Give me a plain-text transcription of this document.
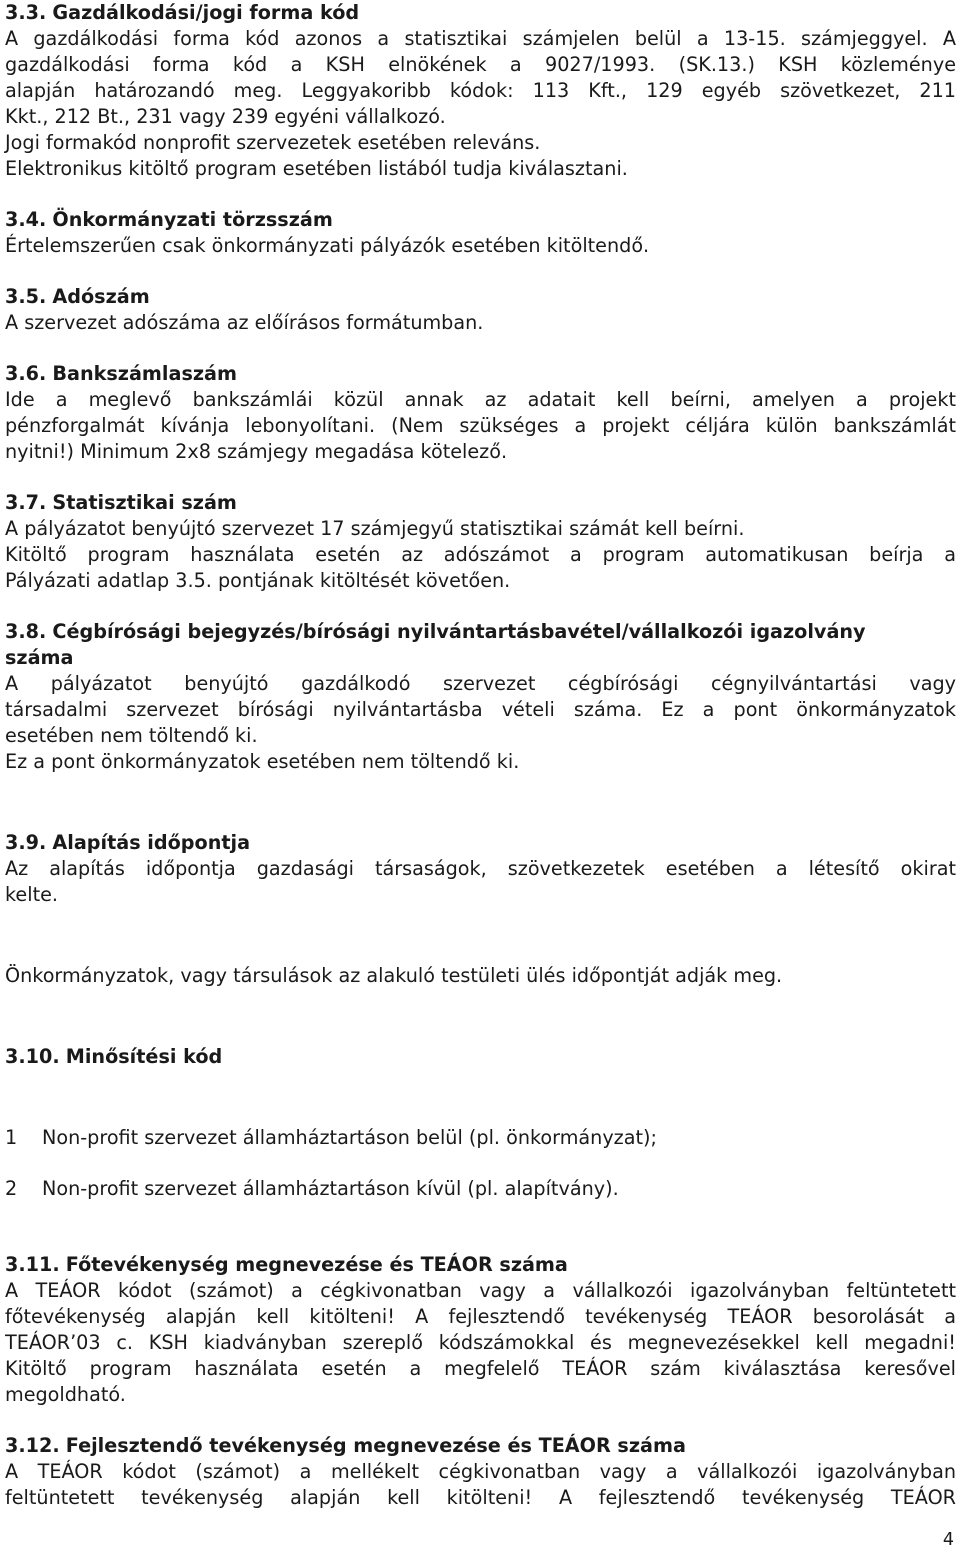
3.3. Gazdálkodási/jogi forma kód
A gazdálkodási forma kód azonos a statisztikai számjelen belül a 13-15. számjeggyel. A
gazdálkodási forma kód a KSH elnökének a 9027/1993. (SK.13.) KSH közleménye
alapján határozandó meg. Leggyakoribb kódok: 113 Kft., 129 egyéb szövetkezet, 211
Kkt., 212 Bt., 231 vagy 239 egyéni vállalkozó.
Jogi formakód nonprofit szervezetek esetében releváns.
Elektronikus kitöltő program esetében listából tudja kiválasztani.
3.4. Önkormányzati törzsszám
Értelemszerűen csak önkormányzati pályázók esetében kitöltendő.
3.5. Adószám
A szervezet adószáma az előírásos formátumban.
3.6. Bankszámlaszám
Ide a meglevő bankszámlái közül annak az adatait kell beírni, amelyen a projekt
pénzforgalmát kívánja lebonyolítani. (Nem szükséges a projekt céljára külön bankszámlát
nyitni!) Minimum 2x8 számjegy megadása kötelező.
3.7. Statisztikai szám
A pályázatot benyújtó szervezet 17 számjegyű statisztikai számát kell beírni.
Kitöltő program használata esetén az adószámot a program automatikusan beírja a
Pályázati adatlap 3.5. pontjának kitöltését követően.
3.8. Cégbírósági bejegyzés/bírósági nyilvántartásbavétel/vállalkozói igazolvány
száma
A pályázatot benyújtó gazdálkodó szervezet cégbírósági cégnyilvántartási vagy
társadalmi szervezet bírósági nyilvántartásba vételi száma. Ez a pont önkormányzatok
esetében nem töltendő ki.
Ez a pont önkormányzatok esetében nem töltendő ki.
3.9. Alapítás időpontja
Az alapítás időpontja gazdasági társaságok, szövetkezetek esetében a létesítő okirat
kelte.
Önkormányzatok, vagy társulások az alakuló testületi ülés időpontját adják meg.
3.10. Minősítési kód
1	Non-profit szervezet államháztartáson belül (pl. önkormányzat);
2	Non-profit szervezet államháztartáson kívül (pl. alapítvány).
3.11. Főtevékenység megnevezése és TEÁOR száma
A TEÁOR kódot (számot) a cégkivonatban vagy a vállalkozói igazolványban feltüntetett
főtevékenység alapján kell kitölteni! A fejlesztendő tevékenység TEÁOR besorolását a
TEÁOR’03 c. KSH kiadványban szereplő kódszámokkal és megnevezésekkel kell megadni!
Kitöltő program használata esetén a megfelelő TEÁOR szám kiválasztása keresővel
megoldható.
3.12. Fejlesztendő tevékenység megnevezése és TEÁOR száma
A TEÁOR kódot (számot) a mellékelt cégkivonatban vagy a vállalkozói igazolványban
feltüntetett tevékenység alapján kell kitölteni! A fejlesztendő tevékenység TEÁOR
4
